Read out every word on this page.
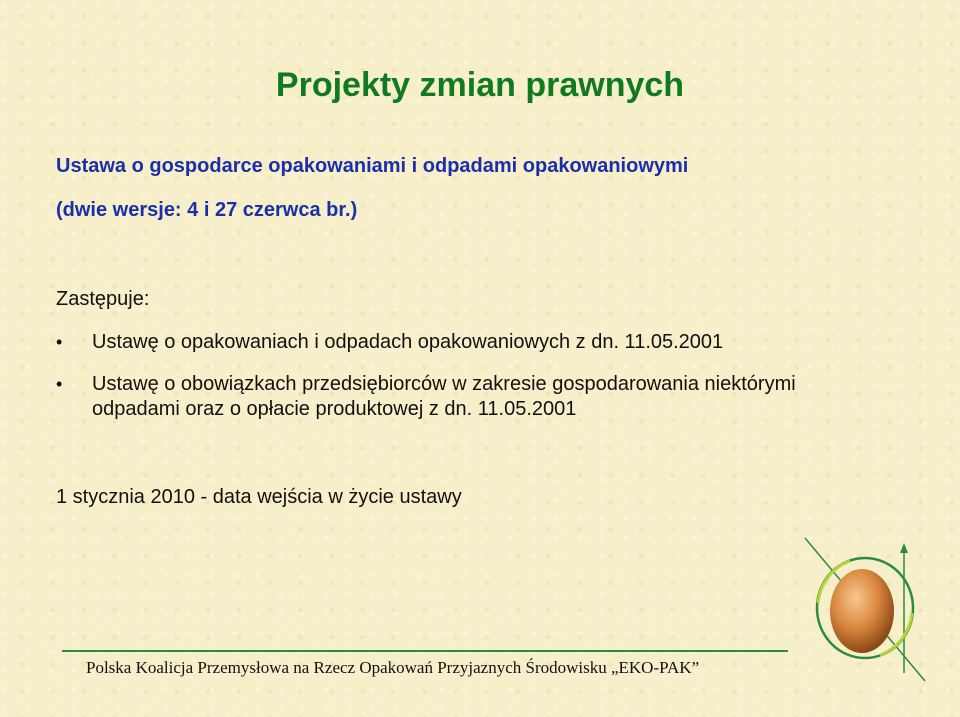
Projekty zmian prawnych
Ustawa o gospodarce opakowaniami i odpadami opakowaniowymi
(dwie wersje: 4 i 27 czerwca br.)
Zastępuje:
• Ustawę o opakowaniach i odpadach opakowaniowych z dn. 11.05.2001
• Ustawę o obowiązkach przedsiębiorców w zakresie gospodarowania niektórymi odpadami oraz o opłacie produktowej z dn. 11.05.2001
1 stycznia 2010 - data wejścia w życie ustawy
Polska Koalicja Przemysłowa na Rzecz Opakowań Przyjaznych Środowisku „EKO-PAK”
